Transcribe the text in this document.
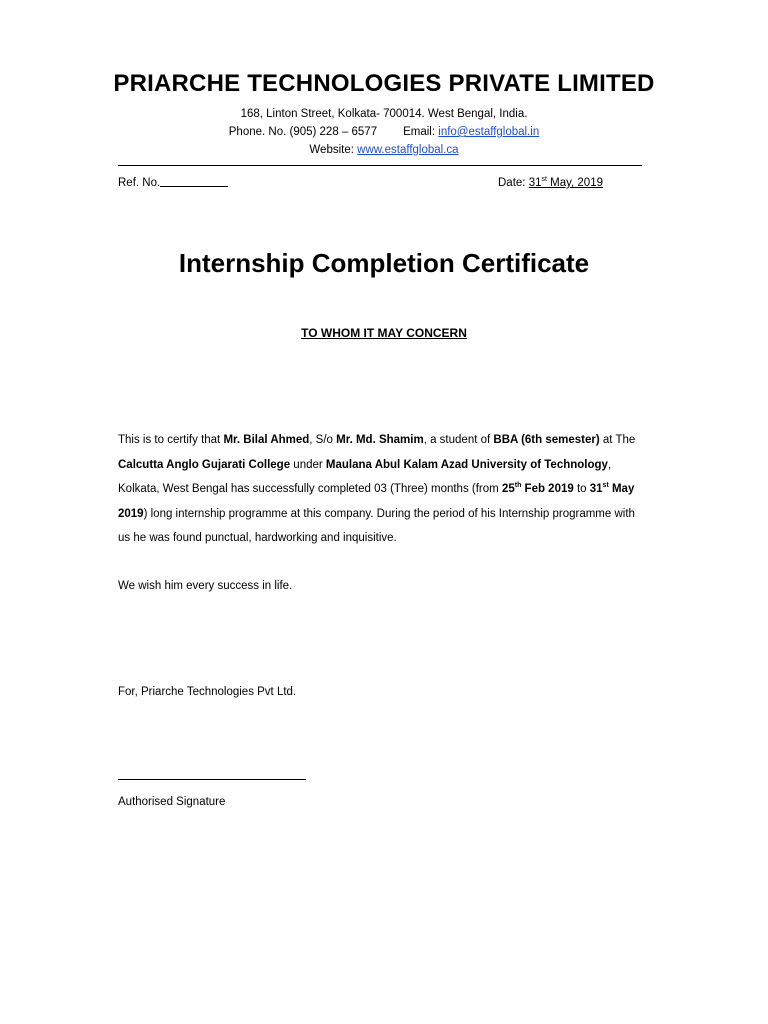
PRIARCHE TECHNOLOGIES PRIVATE LIMITED
168, Linton Street, Kolkata- 700014. West Bengal, India.
Phone. No. (905) 228 – 6577 Email: info@estaffglobal.in
Website: www.estaffglobal.ca
Ref. No.	Date: 31st May, 2019
Internship Completion Certificate
TO WHOM IT MAY CONCERN
This is to certify that Mr. Bilal Ahmed, S/o Mr. Md. Shamim, a student of BBA (6th semester) at The Calcutta Anglo Gujarati College under Maulana Abul Kalam Azad University of Technology, Kolkata, West Bengal has successfully completed 03 (Three) months (from 25th Feb 2019 to 31st May 2019) long internship programme at this company. During the period of his Internship programme with us he was found punctual, hardworking and inquisitive.
We wish him every success in life.
For, Priarche Technologies Pvt Ltd.
Authorised Signature
